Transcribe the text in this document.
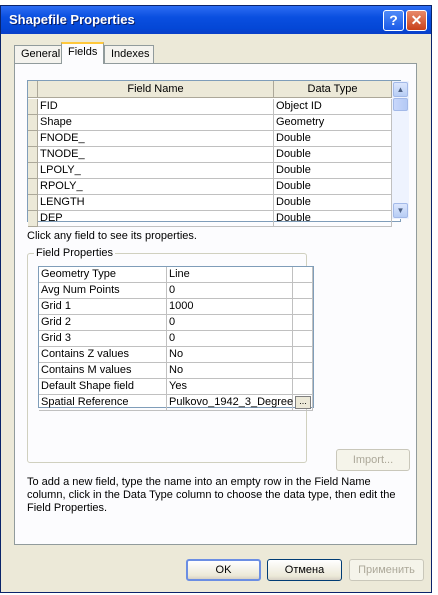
Shapefile Properties	? ✕
General Fields	Indexes
Field Name	Data Type
FID	Object ID
Shape	Geometry
FNODE_	Double
TNODE_	Double
LPOLY_	Double
RPOLY_	Double
LENGTH	Double
DEP	Double
▲
▼
Click any field to see its properties.
Field Properties
Geometry Type	Line
Avg Num Points	0
Grid 1	1000
Grid 2	0
Grid 3	0
Contains Z values	No
Contains M values	No
Default Shape field	Yes
Spatial Reference	Pulkovo_1942_3_Degree ...
Import...
To add a new field, type the name into an empty row in the Field Name column, click in the Data Type column to choose the data type, then edit the Field Properties.
OK	Отмена	Применить
